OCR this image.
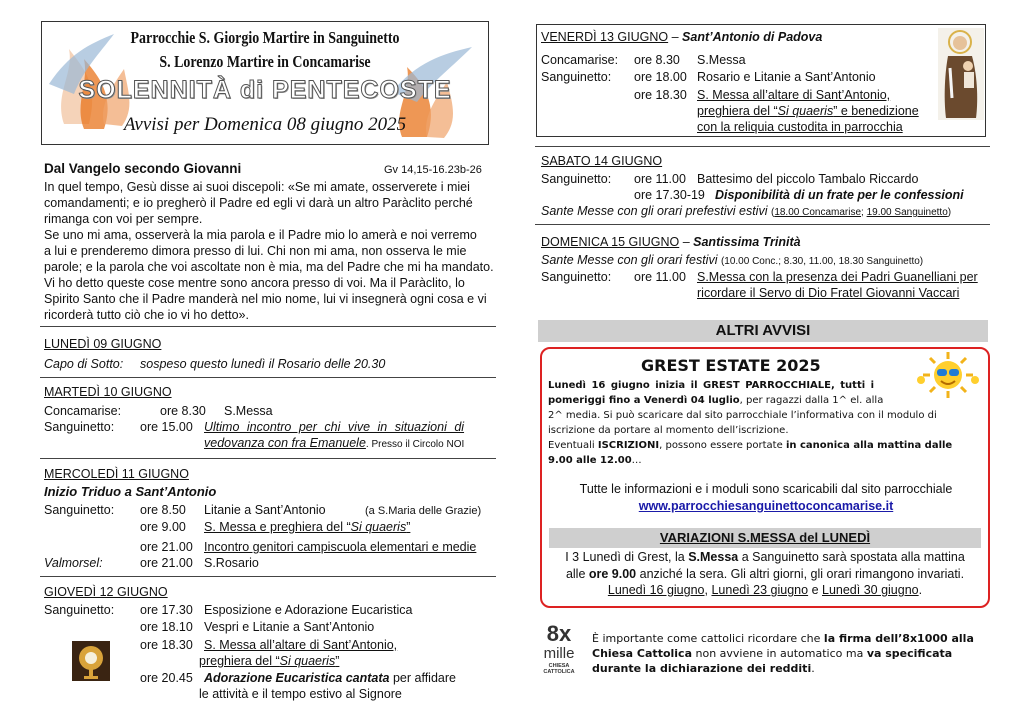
Parrocchie S. Giorgio Martire in Sanguinetto
S. Lorenzo Martire in Concamarise
SOLENNITÀ di PENTECOSTE
Avvisi per Domenica 08 giugno 2025
Dal Vangelo secondo Giovanni	Gv 14,15-16.23b-26
In quel tempo, Gesù disse ai suoi discepoli: «Se mi amate, osserverete i miei
comandamenti; e io pregherò il Padre ed egli vi darà un altro Paràclito perché
rimanga con voi per sempre.
Se uno mi ama, osserverà la mia parola e il Padre mio lo amerà e noi verremo
a lui e prenderemo dimora presso di lui. Chi non mi ama, non osserva le mie
parole; e la parola che voi ascoltate non è mia, ma del Padre che mi ha mandato.
Vi ho detto queste cose mentre sono ancora presso di voi. Ma il Paràclito, lo
Spirito Santo che il Padre manderà nel mio nome, lui vi insegnerà ogni cosa e vi
ricorderà tutto ciò che io vi ho detto».
LUNEDÌ 09 GIUGNO
Capo di Sotto: sospeso questo lunedì il Rosario delle 20.30
MARTEDÌ 10 GIUGNO
Concamarise:	ore 8.30 S.Messa
Sanguinetto: ore 15.00 Ultimo incontro per chi vive in situazioni di
vedovanza con fra Emanuele. Presso il Circolo NOI
MERCOLEDÌ 11 GIUGNO
Inizio Triduo a Sant’Antonio
Sanguinetto: ore 8.50 Litanie a Sant’Antonio	(a S.Maria delle Grazie)
ore 9.00 S. Messa e preghiera del “Si quaeris”
ore 21.00 Incontro genitori campiscuola elementari e medie
Valmorsel:	ore 21.00 S.Rosario
GIOVEDÌ 12 GIUGNO
Sanguinetto: ore 17.30 Esposizione e Adorazione Eucaristica
ore 18.10 Vespri e Litanie a Sant’Antonio
ore 18.30 S. Messa all’altare di Sant’Antonio,
preghiera del “Si quaeris”
ore 20.45 Adorazione Eucaristica cantata per affidare
le attività e il tempo estivo al Signore
VENERDÌ 13 GIUGNO – Sant’Antonio di Padova
Concamarise: ore 8.30 S.Messa
Sanguinetto: ore 18.00 Rosario e Litanie a Sant’Antonio
ore 18.30 S. Messa all’altare di Sant’Antonio,
preghiera del “Si quaeris” e benedizione
con la reliquia custodita in parrocchia
SABATO 14 GIUGNO
Sanguinetto: ore 11.00 Battesimo del piccolo Tambalo Riccardo
ore 17.30-19 Disponibilità di un frate per le confessioni
Sante Messe con gli orari prefestivi estivi (18.00 Concamarise; 19.00 Sanguinetto)
DOMENICA 15 GIUGNO – Santissima Trinità
Sante Messe con gli orari festivi (10.00 Conc.; 8.30, 11.00, 18.30 Sanguinetto)
Sanguinetto: ore 11.00 S.Messa con la presenza dei Padri Guanelliani per
ricordare il Servo di Dio Fratel Giovanni Vaccari
ALTRI AVVISI
GREST ESTATE 2025
Lunedì 16 giugno inizia il GREST PARROCCHIALE, tutti i
pomeriggi fino a Venerdì 04 luglio, per ragazzi dalla 1^ el. alla
2^ media. Si può scaricare dal sito parrocchiale l’informativa con il modulo di
iscrizione da portare al momento dell’iscrizione.
Eventuali ISCRIZIONI, possono essere portate in canonica alla mattina dalle
9.00 alle 12.00…
Tutte le informazioni e i moduli sono scaricabili dal sito parrocchiale
www.parrocchiesanguinettoconcamarise.it
VARIAZIONI S.MESSA del LUNEDÌ
I 3 Lunedì di Grest, la S.Messa a Sanguinetto sarà spostata alla mattina
alle ore 9.00 anziché la sera. Gli altri giorni, gli orari rimangono invariati.
Lunedì 16 giugno, Lunedì 23 giugno e Lunedì 30 giugno.
8x
mille
CHIESA CATTOLICA
È importante come cattolici ricordare che la firma dell’8x1000 alla
Chiesa Cattolica non avviene in automatico ma va specificata
durante la dichiarazione dei redditi.
